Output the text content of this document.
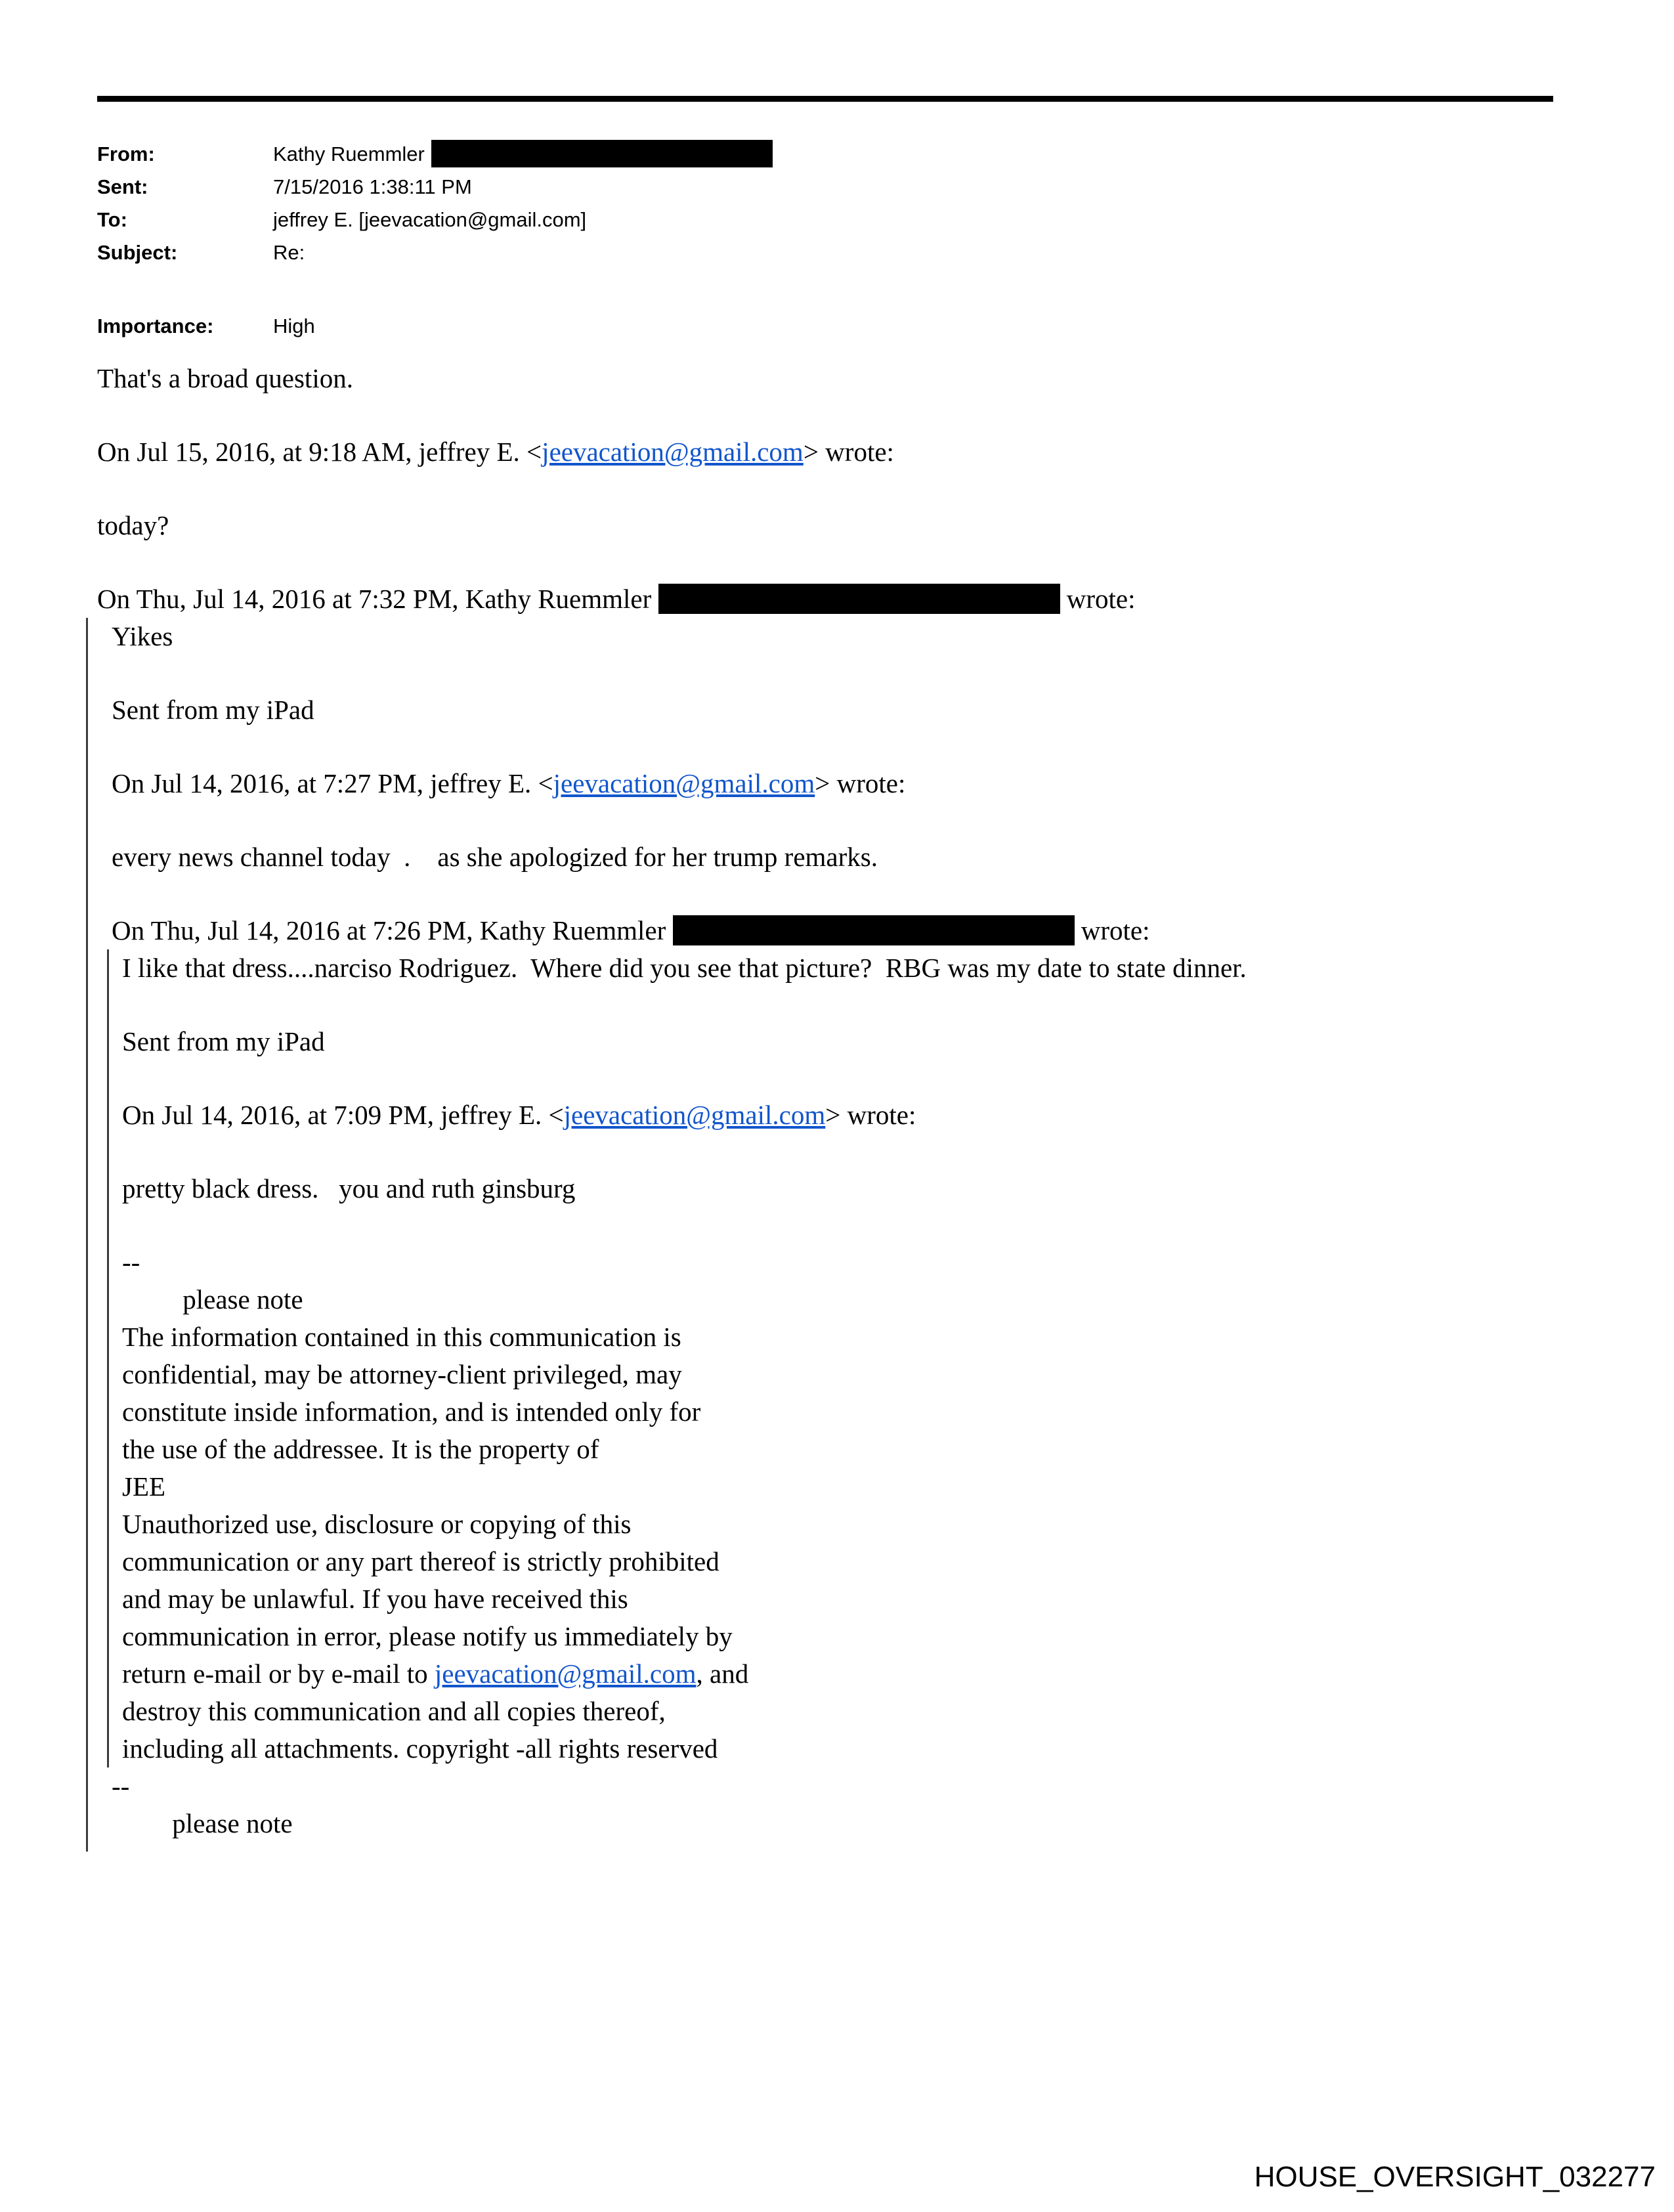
From:	Kathy Ruemmler
Sent:	7/15/2016 1:38:11 PM
To:	jeffrey E. [jeevacation@gmail.com]
Subject:	Re:
Importance:	High

That's a broad question.

On Jul 15, 2016, at 9:18 AM, jeffrey E. <jeevacation@gmail.com> wrote:

today?

On Thu, Jul 14, 2016 at 7:32 PM, Kathy Ruemmler	wrote:

Yikes

Sent from my iPad

On Jul 14, 2016, at 7:27 PM, jeffrey E. <jeevacation@gmail.com> wrote:

every news channel today  .    as she apologized for her trump remarks.

On Thu, Jul 14, 2016 at 7:26 PM, Kathy Ruemmler	wrote:

I like that dress....narciso Rodriguez.  Where did you see that picture?  RBG was my date to state dinner.

Sent from my iPad

On Jul 14, 2016, at 7:09 PM, jeffrey E. <jeevacation@gmail.com> wrote:

pretty black dress.   you and ruth ginsburg

--

please note

The information contained in this communication is
confidential, may be attorney-client privileged, may
constitute inside information, and is intended only for
the use of the addressee. It is the property of
JEE
Unauthorized use, disclosure or copying of this
communication or any part thereof is strictly prohibited
and may be unlawful. If you have received this
communication in error, please notify us immediately by
return e-mail or by e-mail to jeevacation@gmail.com, and
destroy this communication and all copies thereof,
including all attachments. copyright -all rights reserved

--

please note

HOUSE_OVERSIGHT_032277
